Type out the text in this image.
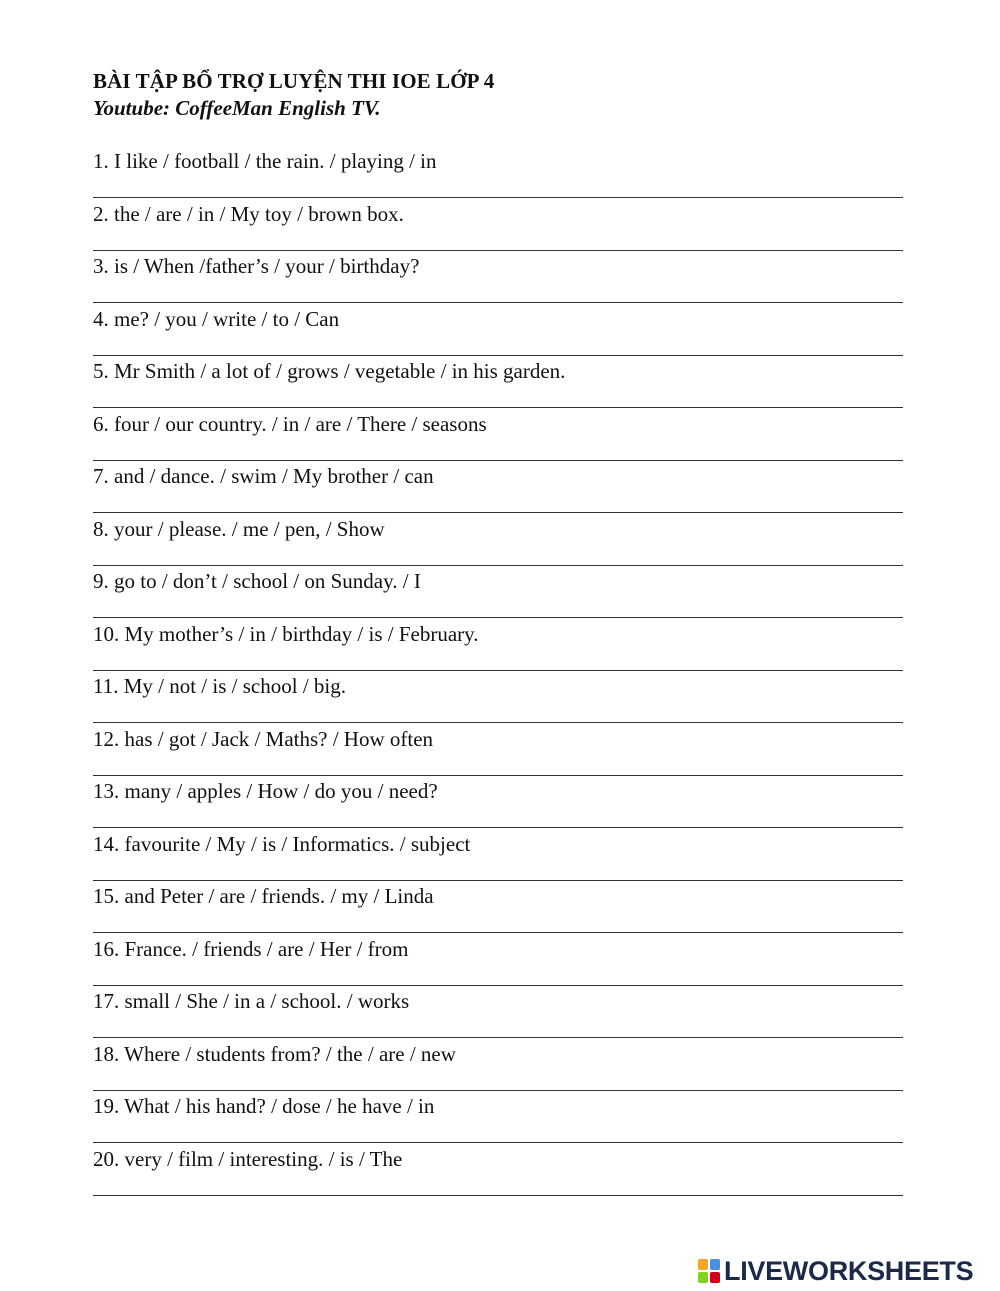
BÀI TẬP BỔ TRỢ LUYỆN THI IOE LỚP 4
Youtube: CoffeeMan English TV.
1. I like / football / the rain. / playing / in
2. the / are / in / My toy / brown box.
3. is / When /father’s / your / birthday?
4. me? / you / write / to / Can
5. Mr Smith / a lot of / grows / vegetable / in his garden.
6. four / our country. / in / are / There / seasons
7. and / dance. / swim / My brother / can
8. your / please. / me / pen, / Show
9. go to / don’t / school / on Sunday. / I
10. My mother’s / in / birthday / is / February.
11. My / not / is / school / big.
12. has / got / Jack / Maths? / How often
13. many / apples / How / do you / need?
14. favourite / My / is / Informatics. / subject
15. and Peter / are / friends. / my / Linda
16. France. / friends / are / Her / from
17. small / She / in a / school. / works
18. Where / students from? / the / are / new
19. What / his hand? / dose / he have / in
20. very / film / interesting. / is / The
LIVEWORKSHEETS
